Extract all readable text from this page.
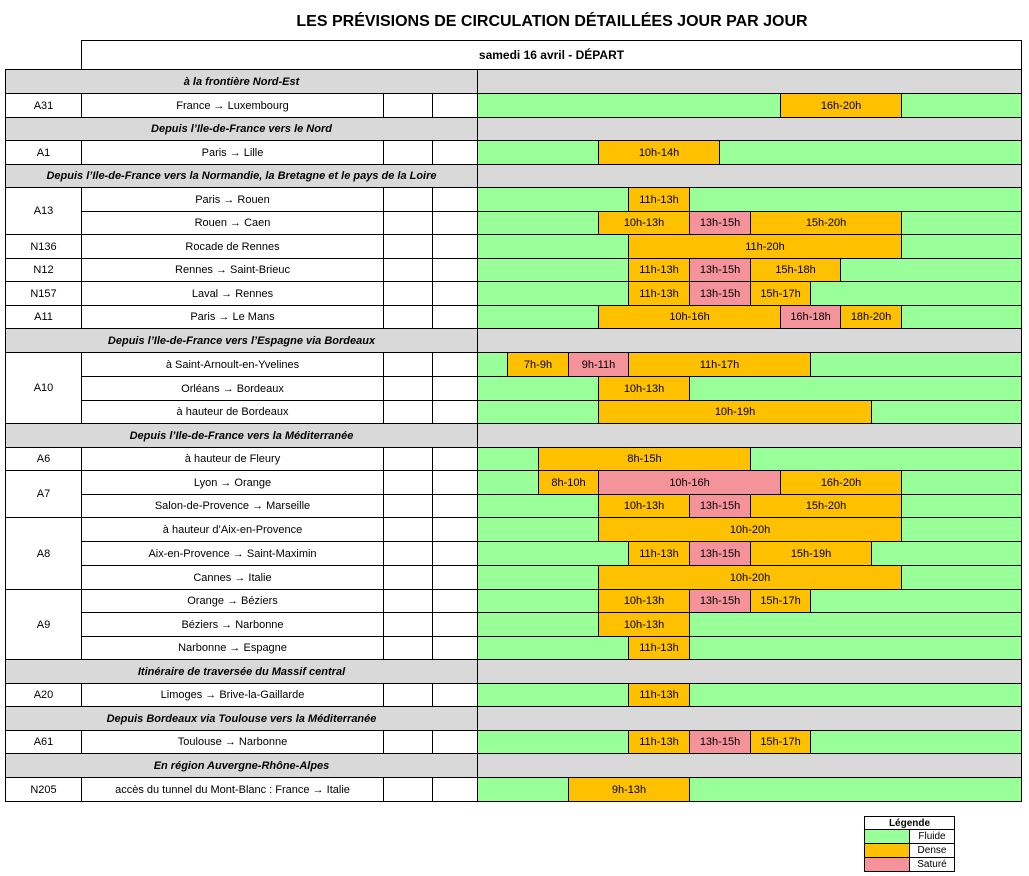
LES PRÉVISIONS DE CIRCULATION DÉTAILLÉES JOUR PAR JOUR
samedi 16 avril - DÉPART
à la frontière Nord-Est
A31	France → Luxembourg	16h-20h
Depuis l’Ile-de-France vers le Nord
A1	Paris → Lille	10h-14h
Depuis l’Ile-de-France vers la Normandie, la Bretagne et le pays de la Loire
A13
Paris → Rouen	11h-13h
Rouen → Caen	10h-13h	13h-15h	15h-20h
N136	Rocade de Rennes	11h-20h
N12	Rennes → Saint-Brieuc	11h-13h	13h-15h	15h-18h
N157	Laval → Rennes	11h-13h	13h-15h	15h-17h
A11	Paris → Le Mans	10h-16h	16h-18h	18h-20h
Depuis l’Ile-de-France vers l’Espagne via Bordeaux
A10
à Saint-Arnoult-en-Yvelines	7h-9h	9h-11h	11h-17h
Orléans → Bordeaux	10h-13h
à hauteur de Bordeaux	10h-19h
Depuis l’Ile-de-France vers la Méditerranée
A6	à hauteur de Fleury	8h-15h
A7
Lyon → Orange	8h-10h	10h-16h	16h-20h
Salon-de-Provence → Marseille	10h-13h	13h-15h	15h-20h
A8
à hauteur d’Aix-en-Provence	10h-20h
Aix-en-Provence → Saint-Maximin	11h-13h	13h-15h	15h-19h
Cannes → Italie	10h-20h
A9
Orange → Béziers	10h-13h	13h-15h	15h-17h
Béziers → Narbonne	10h-13h
Narbonne → Espagne	11h-13h
Itinéraire de traversée du Massif central
A20	Limoges → Brive-la-Gaillarde	11h-13h
Depuis Bordeaux via Toulouse vers la Méditerranée
A61	Toulouse → Narbonne	11h-13h	13h-15h	15h-17h
En région Auvergne-Rhône-Alpes
N205	accès du tunnel du Mont-Blanc : France → Italie	9h-13h
Légende
Fluide
Dense
Saturé
